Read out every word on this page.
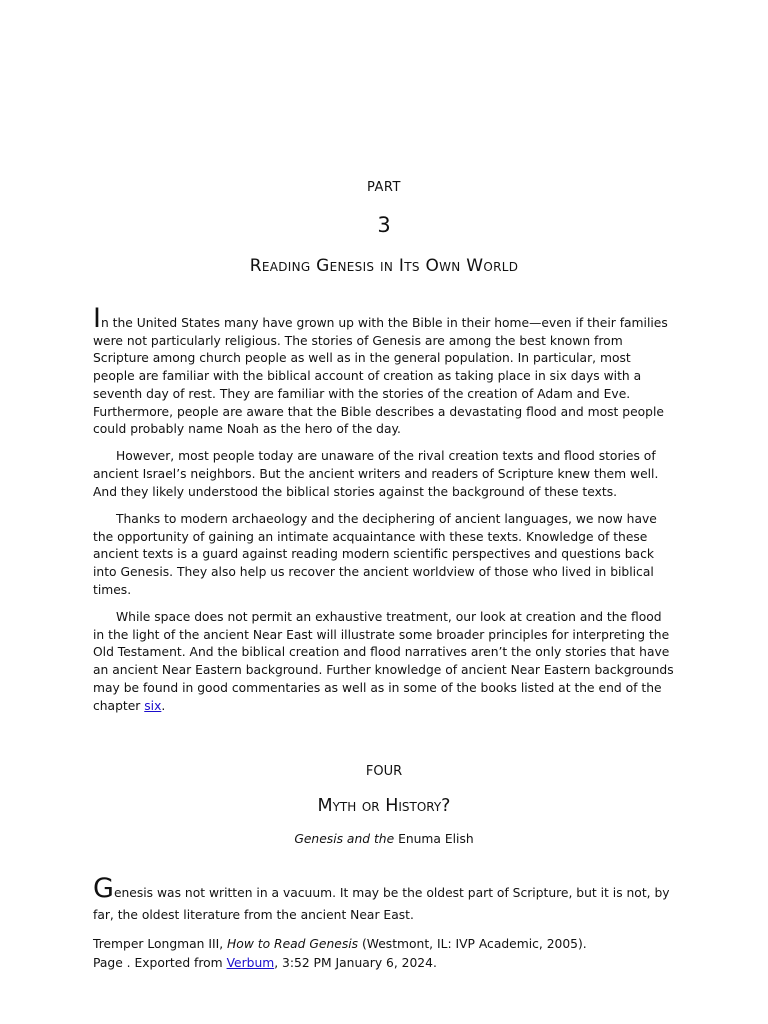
PART
3
Reading Genesis in Its Own World

In the United States many have grown up with the Bible in their home—even if their families were not particularly religious. The stories of Genesis are among the best known from Scripture among church people as well as in the general population. In particular, most people are familiar with the biblical account of creation as taking place in six days with a seventh day of rest. They are familiar with the stories of the creation of Adam and Eve. Furthermore, people are aware that the Bible describes a devastating flood and most people could probably name Noah as the hero of the day.

However, most people today are unaware of the rival creation texts and flood stories of ancient Israel’s neighbors. But the ancient writers and readers of Scripture knew them well. And they likely understood the biblical stories against the background of these texts.

Thanks to modern archaeology and the deciphering of ancient languages, we now have the opportunity of gaining an intimate acquaintance with these texts. Knowledge of these ancient texts is a guard against reading modern scientific perspectives and questions back into Genesis. They also help us recover the ancient worldview of those who lived in biblical times.

While space does not permit an exhaustive treatment, our look at creation and the flood in the light of the ancient Near East will illustrate some broader principles for interpreting the Old Testament. And the biblical creation and flood narratives aren’t the only stories that have an ancient Near Eastern background. Further knowledge of ancient Near Eastern backgrounds may be found in good commentaries as well as in some of the books listed at the end of the chapter six.

FOUR
Myth or History?
Genesis and the Enuma Elish

Genesis was not written in a vacuum. It may be the oldest part of Scripture, but it is not, by far, the oldest literature from the ancient Near East.

Tremper Longman III, How to Read Genesis (Westmont, IL: IVP Academic, 2005).
Page . Exported from Verbum, 3:52 PM January 6, 2024.
